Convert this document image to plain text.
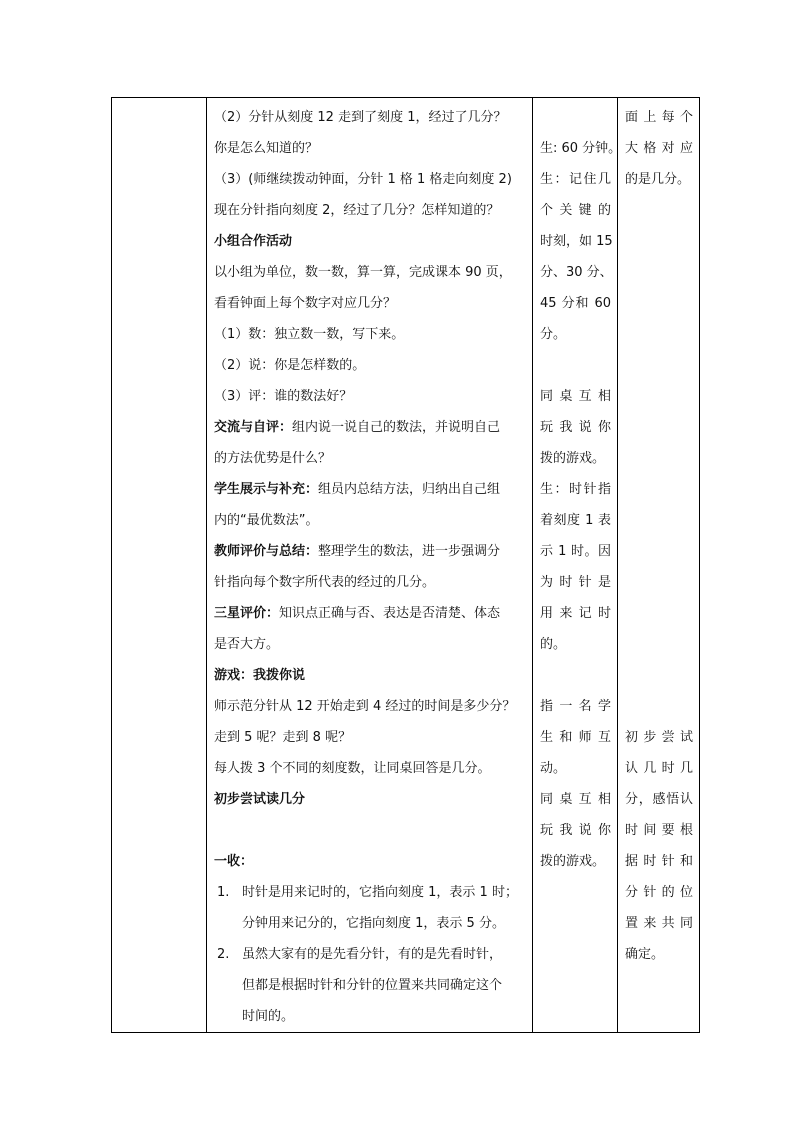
（2）分针从刻度 12 走到了刻度 1，经过了几分？
你是怎么知道的？
（3）(师继续拨动钟面，分针 1 格 1 格走向刻度 2)
现在分针指向刻度 2，经过了几分？怎样知道的？
小组合作活动
以小组为单位，数一数，算一算，完成课本 90 页，
看看钟面上每个数字对应几分？
（1）数：独立数一数，写下来。
（2）说：你是怎样数的。
（3）评：谁的数法好？
交流与自评：组内说一说自己的数法，并说明自己
的方法优势是什么？
学生展示与补充：组员内总结方法，归纳出自己组
内的“最优数法”。
教师评价与总结：整理学生的数法，进一步强调分
针指向每个数字所代表的经过的几分。
三星评价：知识点正确与否、表达是否清楚、体态
是否大方。
游戏：我拨你说
师示范分针从 12 开始走到 4 经过的时间是多少分？
走到 5 呢？走到 8 呢？
每人拨 3 个不同的刻度数，让同桌回答是几分。
初步尝试读几分
一收：
1. 时针是用来记时的，它指向刻度 1，表示 1 时；
分钟用来记分的，它指向刻度 1，表示 5 分。
2. 虽然大家有的是先看分针，有的是先看时针，
但都是根据时针和分针的位置来共同确定这个
时间的。

生: 60 分钟。
生：记住几
个关键的
时刻，如 15
分、30 分、
45 分和 60
分。
同桌互相
玩我说你
拨的游戏。
生：时针指
着刻度 1 表
示 1 时。因
为时针是
用来记时
的。
指一名学
生和师互
动。
同桌互相
玩我说你
拨的游戏。

面上每个
大格对应
的是几分。
初步尝试
认几时几
分，感悟认
时间要根
据时针和
分针的位
置来共同
确定。
